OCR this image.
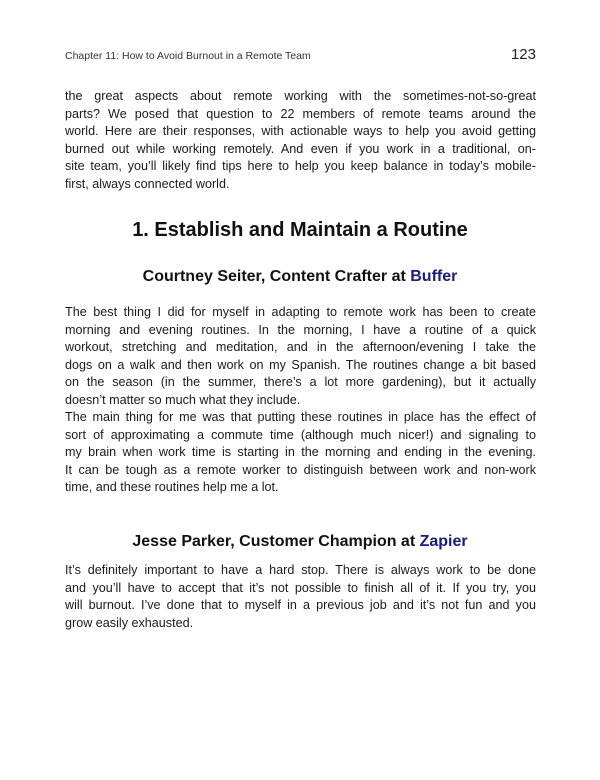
Chapter 11: How to Avoid Burnout in a Remote Team	123
the great aspects about remote working with the sometimes-not-so-great
parts? We posed that question to 22 members of remote teams around the
world. Here are their responses, with actionable ways to help you avoid getting
burned out while working remotely. And even if you work in a traditional, on-
site team, you’ll likely find tips here to help you keep balance in today’s mobile-
first, always connected world.
1. Establish and Maintain a Routine
Courtney Seiter, Content Crafter at Buffer
The best thing I did for myself in adapting to remote work has been to create
morning and evening routines. In the morning, I have a routine of a quick
workout, stretching and meditation, and in the afternoon/evening I take the
dogs on a walk and then work on my Spanish. The routines change a bit based
on the season (in the summer, there’s a lot more gardening), but it actually
doesn’t matter so much what they include.
The main thing for me was that putting these routines in place has the effect of
sort of approximating a commute time (although much nicer!) and signaling to
my brain when work time is starting in the morning and ending in the evening.
It can be tough as a remote worker to distinguish between work and non-work
time, and these routines help me a lot.
Jesse Parker, Customer Champion at Zapier
It’s definitely important to have a hard stop. There is always work to be done
and you’ll have to accept that it’s not possible to finish all of it. If you try, you
will burnout. I’ve done that to myself in a previous job and it’s not fun and you
grow easily exhausted.
